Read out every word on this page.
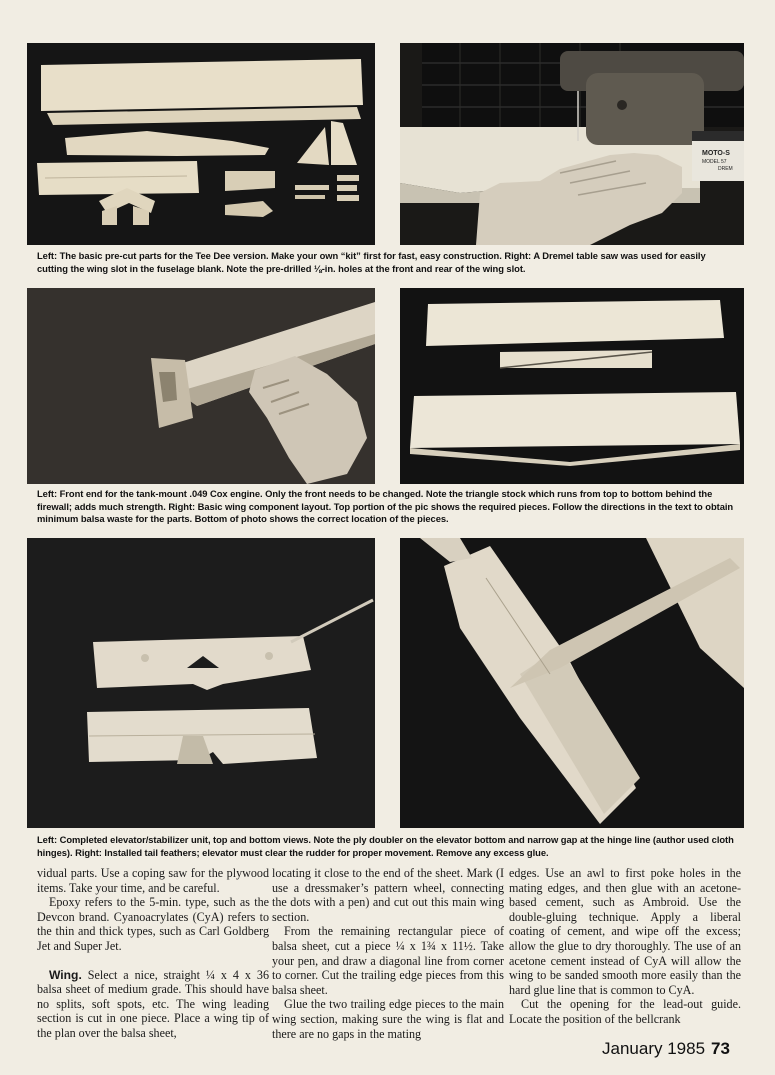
MOTO-S
MODEL 57
DREM
Left: The basic pre-cut parts for the Tee Dee version. Make your own “kit” first for fast, easy construction. Right: A Dremel table saw was used for easily cutting the wing slot in the fuselage blank. Note the pre-drilled ⅛-in. holes at the front and rear of the wing slot.
Left: Front end for the tank-mount .049 Cox engine. Only the front needs to be changed. Note the triangle stock which runs from top to bottom behind the firewall; adds much strength. Right: Basic wing component layout. Top portion of the pic shows the required pieces. Follow the directions in the text to obtain minimum balsa waste for the parts. Bottom of photo shows the correct location of the pieces.
Left: Completed elevator/stabilizer unit, top and bottom views. Note the ply doubler on the elevator bottom and narrow gap at the hinge line (author used cloth hinges). Right: Installed tail feathers; elevator must clear the rudder for proper movement. Remove any excess glue.

vidual parts. Use a coping saw for the plywood items. Take your time, and be careful.

Epoxy refers to the 5-min. type, such as the Devcon brand. Cyanoacrylates (CyA) refers to the thin and thick types, such as Carl Goldberg Jet and Super Jet.

Wing. Select a nice, straight ¼ x 4 x 36 balsa sheet of medium grade. This should have no splits, soft spots, etc. The wing leading section is cut in one piece. Place a wing tip of the plan over the balsa sheet,

locating it close to the end of the sheet. Mark (I use a dressmaker’s pattern wheel, connecting the dots with a pen) and cut out this main wing section.

From the remaining rectangular piece of balsa sheet, cut a piece ¼ x 1¾ x 11½. Take your pen, and draw a diagonal line from corner to corner. Cut the trailing edge pieces from this balsa sheet.

Glue the two trailing edge pieces to the main wing section, making sure the wing is flat and there are no gaps in the mating

edges. Use an awl to first poke holes in the mating edges, and then glue with an acetone-based cement, such as Ambroid. Use the double-gluing technique. Apply a liberal coating of cement, and wipe off the excess; allow the glue to dry thoroughly. The use of an acetone cement instead of CyA will allow the wing to be sanded smooth more easily than the hard glue line that is common to CyA.

Cut the opening for the lead-out guide. Locate the position of the bellcrank

January 1985 73
